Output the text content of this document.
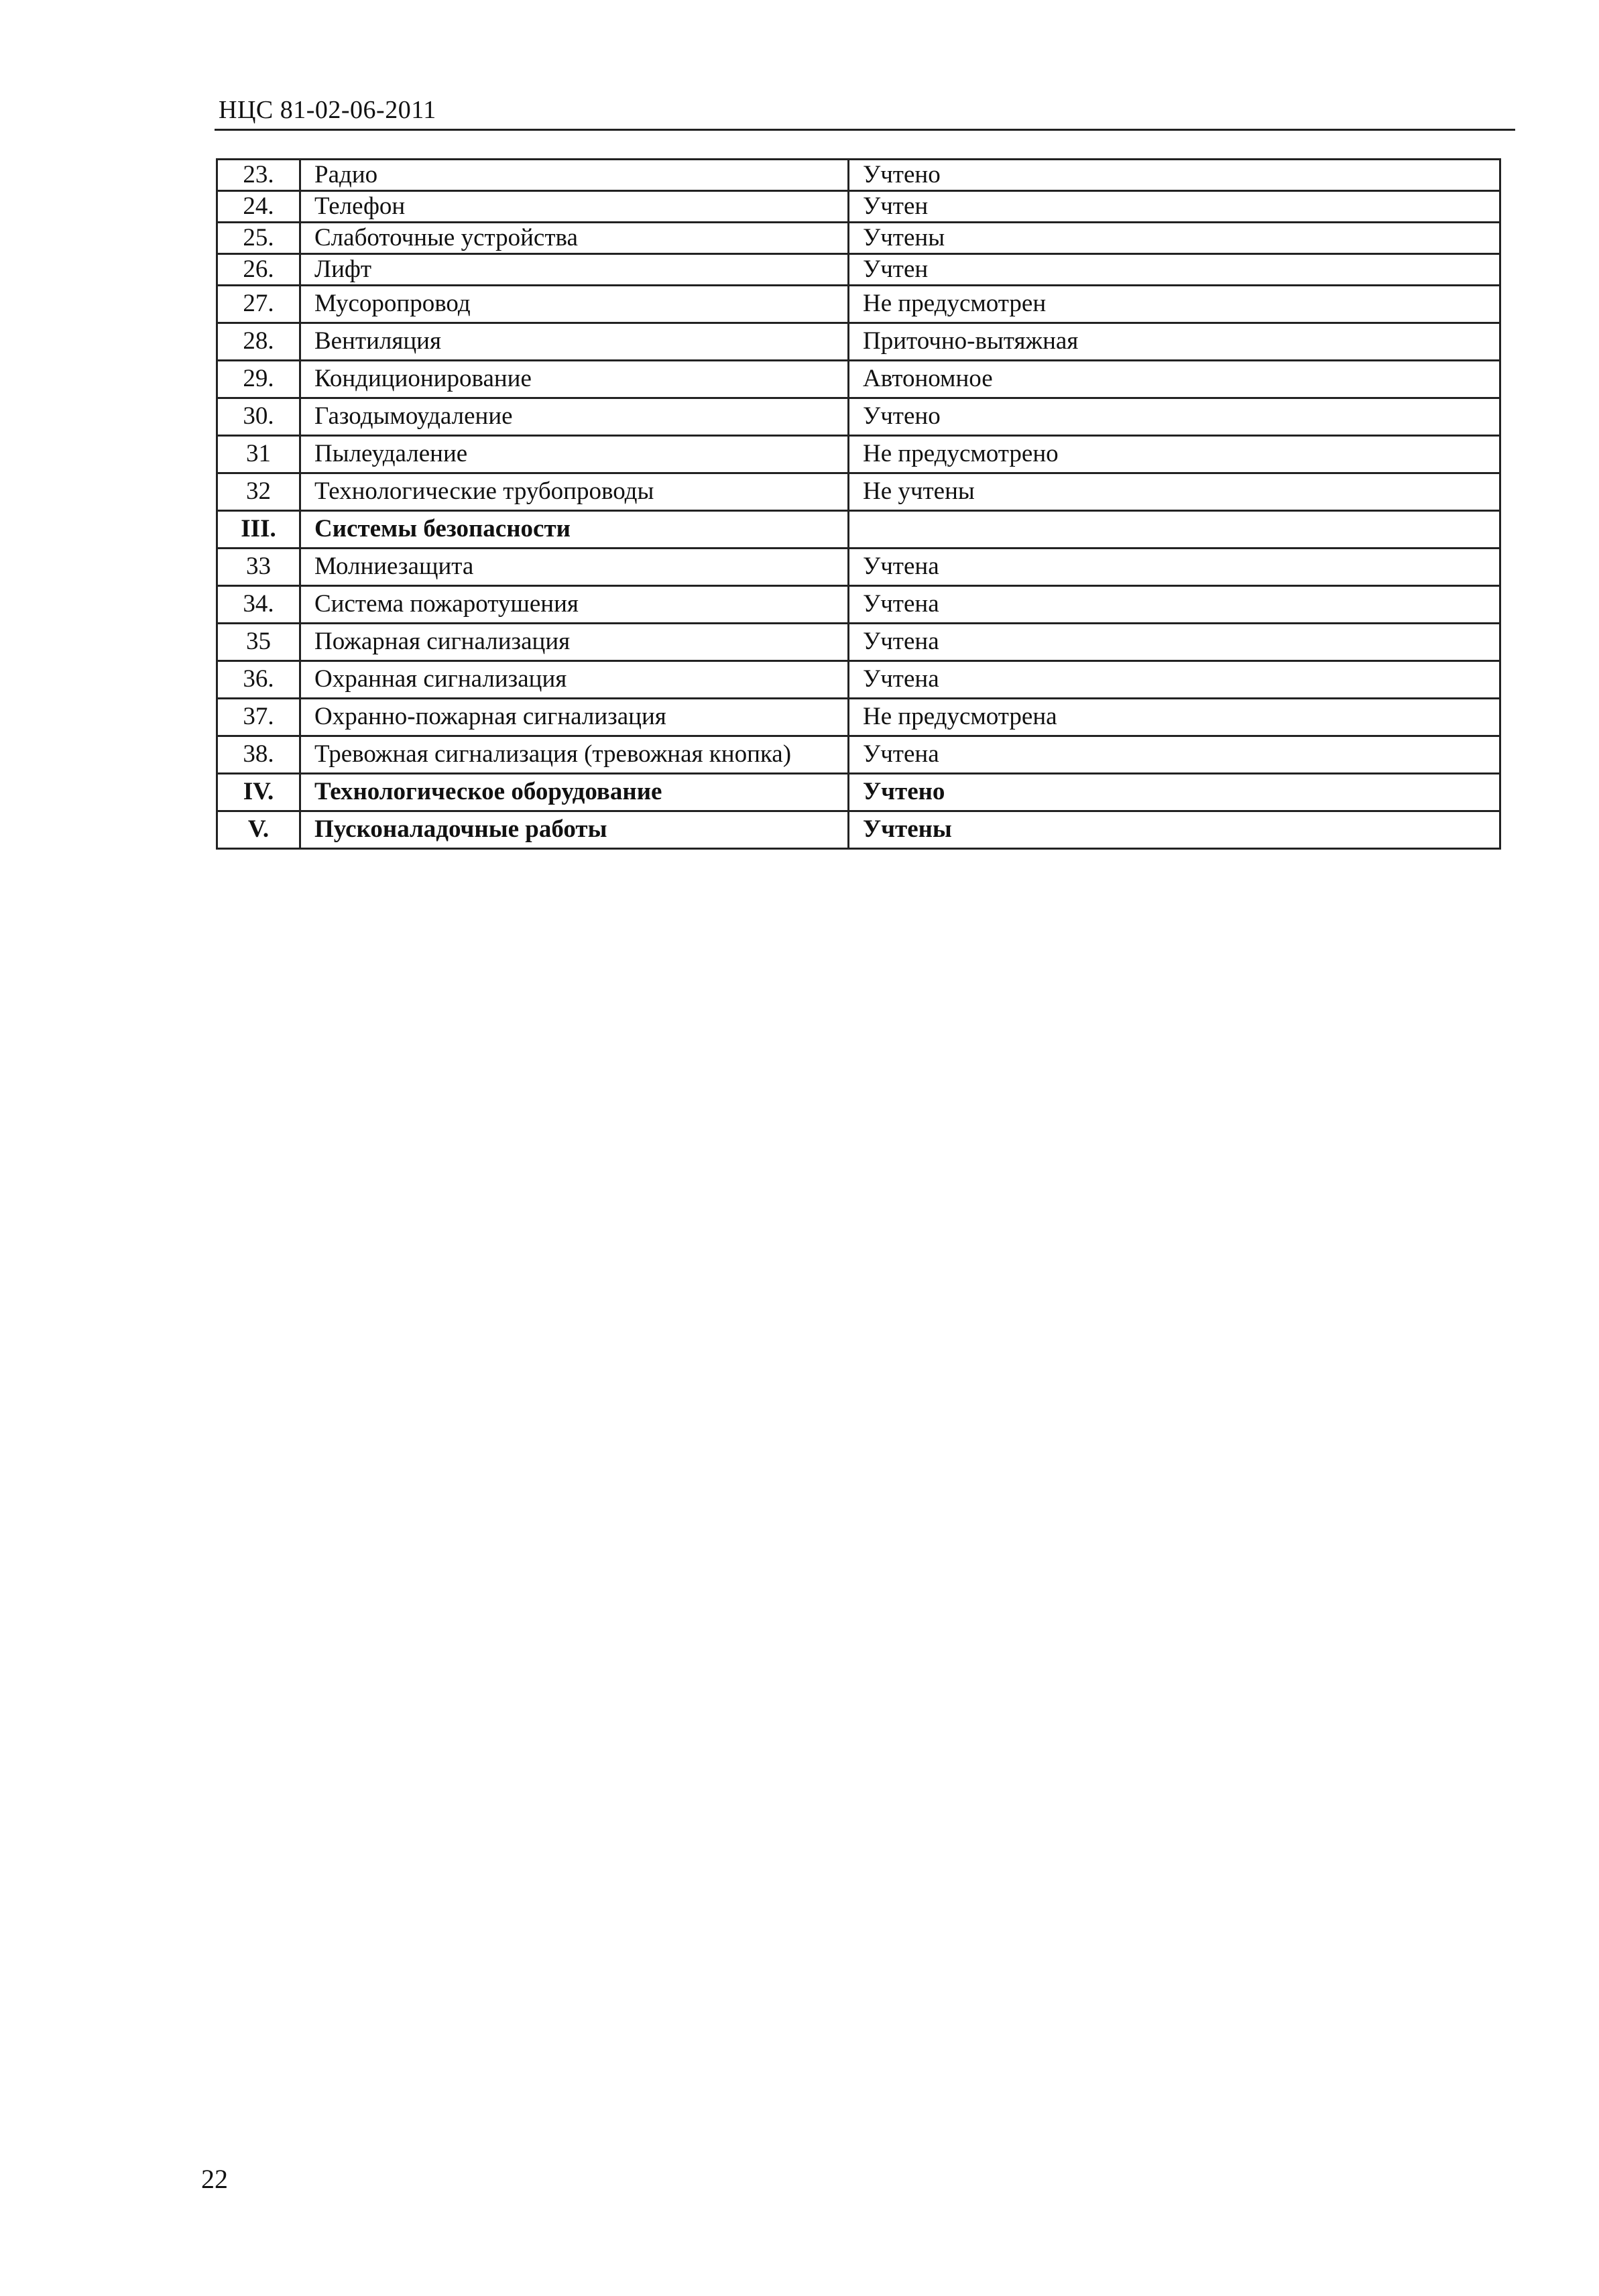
НЦС 81-02-06-2011
23.	Радио	Учтено
24.	Телефон	Учтен
25.	Слаботочные устройства	Учтены
26.	Лифт	Учтен
27.	Мусоропровод	Не предусмотрен
28.	Вентиляция	Приточно-вытяжная
29.	Кондиционирование	Автономное
30.	Газодымоудаление	Учтено
31	Пылеудаление	Не предусмотрено
32	Технологические трубопроводы	Не учтены
III.	Системы безопасности	
33	Молниезащита	Учтена
34.	Система пожаротушения	Учтена
35	Пожарная сигнализация	Учтена
36.	Охранная сигнализация	Учтена
37.	Охранно-пожарная сигнализация	Не предусмотрена
38.	Тревожная сигнализация (тревожная кнопка)	Учтена
IV.	Технологическое оборудование	Учтено
V.	Пусконаладочные работы	Учтены
22
